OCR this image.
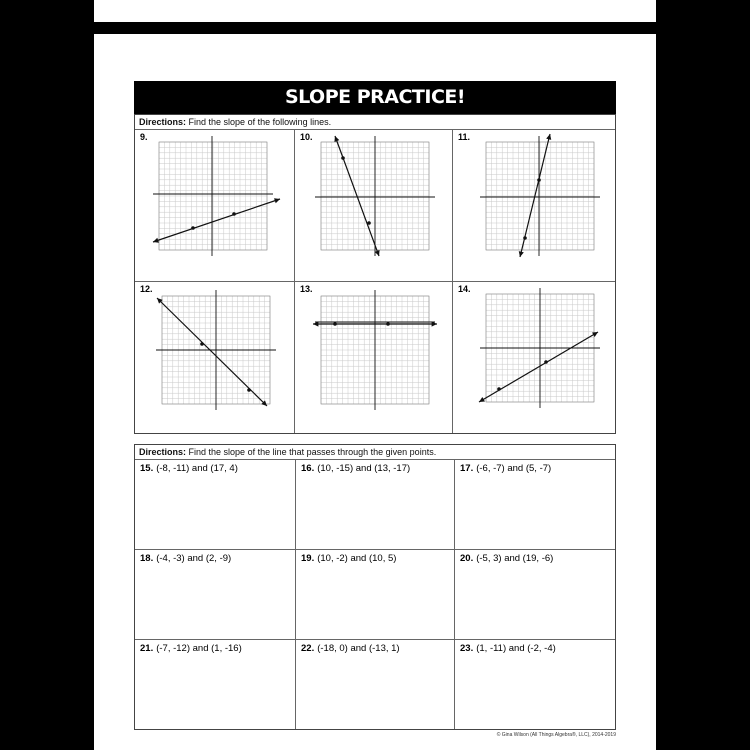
SLOPE PRACTICE!
Directions: Find the slope of the following lines.
9.	10.	11.
12.	13.	14.
Directions: Find the slope of the line that passes through the given points.
15. (-8, -11) and (17, 4)	16. (10, -15) and (13, -17)	17. (-6, -7) and (5, -7)
18. (-4, -3) and (2, -9)	19. (10, -2) and (10, 5)	20. (-5, 3) and (19, -6)
21. (-7, -12) and (1, -16)	22. (-18, 0) and (-13, 1)	23. (1, -11) and (-2, -4)
© Gina Wilson (All Things Algebra®, LLC), 2014-2019
